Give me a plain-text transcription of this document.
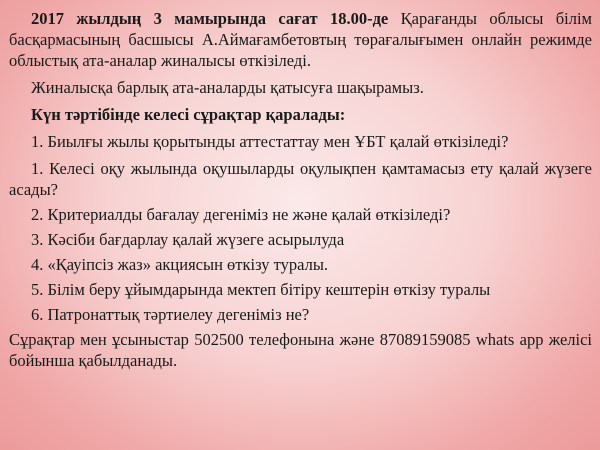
2017 жылдың 3 мамырында сағат 18.00-де Қарағанды облысы білім басқармасының басшысы А.Аймағамбетовтың төрағалығымен онлайн режимде облыстық ата-аналар жиналысы өткізіледі.

Жиналысқа барлық ата-аналарды қатысуға шақырамыз.

Күн тәртібінде келесі сұрақтар қаралады:

1. Биылғы жылы қорытынды аттестаттау мен ҰБТ қалай өткізіледі?

1. Келесі оқу жылында оқушыларды оқулықпен қамтамасыз ету қалай жүзеге асады?

2. Критериалды бағалау дегеніміз не және қалай өткізіледі?

3. Кәсіби бағдарлау қалай жүзеге асырылуда

4. «Қауіпсіз жаз» акциясын өткізу туралы.

5. Білім беру ұйымдарында мектеп бітіру кештерін өткізу туралы

6. Патронаттық тәртиелеу дегеніміз не?

Сұрақтар мен ұсыныстар 502500 телефонына және 87089159085 whats app желісі бойынша қабылданады.
